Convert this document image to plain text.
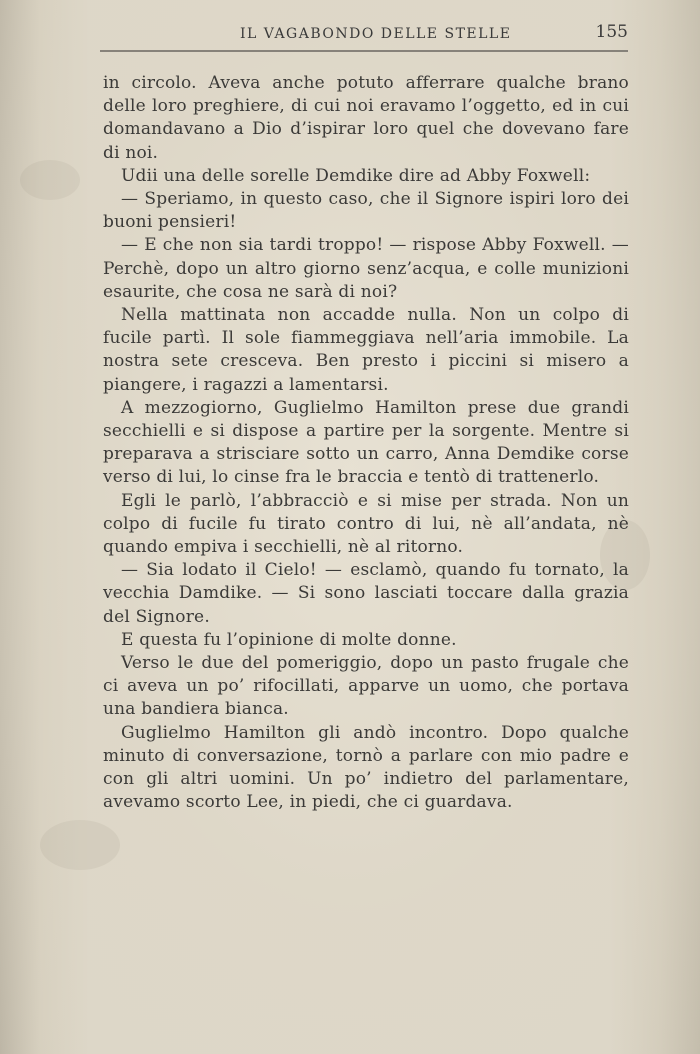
IL VAGABONDO DELLE STELLE	155

in circolo. Aveva anche potuto afferrare qualche brano delle loro preghiere, di cui noi eravamo l’oggetto, ed in cui domandavano a Dio d’ispirar loro quel che dovevano fare di noi.

Udii una delle sorelle Demdike dire ad Abby Foxwell:

— Speriamo, in questo caso, che il Signore ispiri loro dei buoni pensieri!

— E che non sia tardi troppo! — rispose Abby Foxwell. — Perchè, dopo un altro giorno senz’acqua, e colle munizioni esaurite, che cosa ne sarà di noi?

Nella mattinata non accadde nulla. Non un colpo di fucile partì. Il sole fiammeggiava nell’aria immobile. La nostra sete cresceva. Ben presto i piccini si misero a piangere, i ragazzi a lamentarsi.

A mezzogiorno, Guglielmo Hamilton prese due grandi secchielli e si dispose a partire per la sorgente. Mentre si preparava a strisciare sotto un carro, Anna Demdike corse verso di lui, lo cinse fra le braccia e tentò di trattenerlo.

Egli le parlò, l’abbracciò e si mise per strada. Non un colpo di fucile fu tirato contro di lui, nè all’andata, nè quando empiva i secchielli, nè al ritorno.

— Sia lodato il Cielo! — esclamò, quando fu tornato, la vecchia Damdike. — Si sono lasciati toccare dalla grazia del Signore.

E questa fu l’opinione di molte donne.

Verso le due del pomeriggio, dopo un pasto frugale che ci aveva un po’ rifocillati, apparve un uomo, che portava una bandiera bianca.

Guglielmo Hamilton gli andò incontro. Dopo qualche minuto di conversazione, tornò a parlare con mio padre e con gli altri uomini. Un po’ indietro del parlamentare, avevamo scorto Lee, in piedi, che ci guardava.
